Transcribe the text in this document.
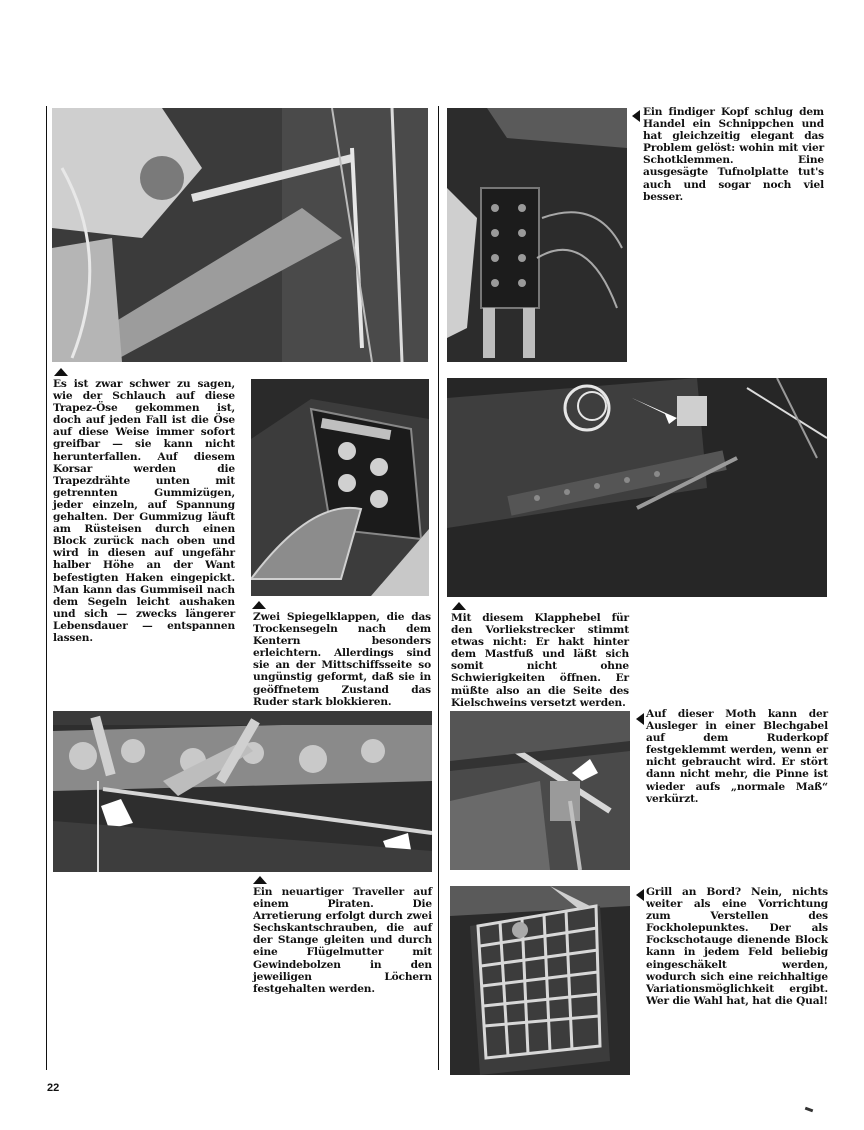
Ein findiger Kopf schlug dem Handel ein Schnippchen und hat gleichzeitig elegant das Problem gelöst: wohin mit vier Schotklemmen. Eine ausgesägte Tufnolplatte tut's auch und sogar noch viel besser.
Es ist zwar schwer zu sagen, wie der Schlauch auf diese Trapez-Öse gekommen ist, doch auf jeden Fall ist die Öse auf diese Weise immer sofort greifbar — sie kann nicht herunterfallen. Auf diesem Korsar werden die Trapezdrähte unten mit getrennten Gummizügen, jeder einzeln, auf Spannung gehalten. Der Gummizug läuft am Rüsteisen durch einen Block zurück nach oben und wird in diesen auf ungefähr halber Höhe an der Want befestigten Haken eingepickt. Man kann das Gummiseil nach dem Segeln leicht aushaken und sich — zwecks längerer Lebensdauer — entspannen lassen.
Zwei Spiegelklappen, die das Trockensegeln nach dem Kentern besonders erleichtern. Allerdings sind sie an der Mittschiffsseite so ungünstig geformt, daß sie in geöffnetem Zustand das Ruder stark blokkieren.
Mit diesem Klapphebel für den Vorliekstrecker stimmt etwas nicht: Er hakt hinter dem Mastfuß und läßt sich somit nicht ohne Schwierigkeiten öffnen. Er müßte also an die Seite des Kielschweins versetzt werden.
Ein neuartiger Traveller auf einem Piraten. Die Arretierung erfolgt durch zwei Sechskantschrauben, die auf der Stange gleiten und durch eine Flügelmutter mit Gewindebolzen in den jeweiligen Löchern festgehalten werden.
Auf dieser Moth kann der Ausleger in einer Blechgabel auf dem Ruderkopf festgeklemmt werden, wenn er nicht gebraucht wird. Er stört dann nicht mehr, die Pinne ist wieder aufs „normale Maß“ verkürzt.
Grill an Bord? Nein, nichts weiter als eine Vorrichtung zum Verstellen des Fockholepunktes. Der als Fockschotauge dienende Block kann in jedem Feld beliebig eingeschäkelt werden, wodurch sich eine reichhaltige Variationsmöglichkeit ergibt. Wer die Wahl hat, hat die Qual!
22
